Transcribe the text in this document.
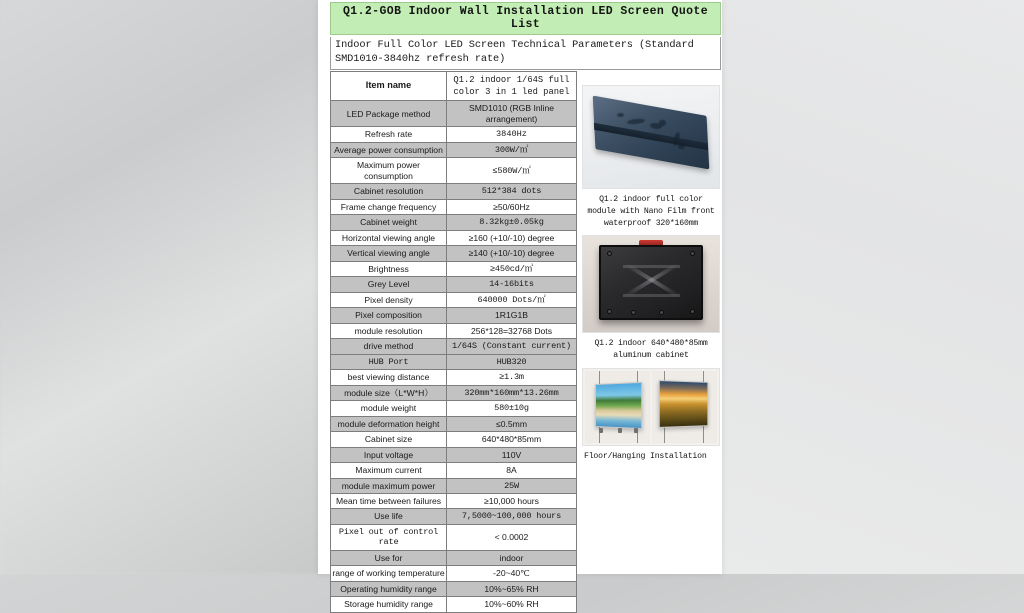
Q1.2-GOB Indoor Wall Installation LED Screen Quote List
Indoor Full Color LED Screen Technical Parameters (Standard SMD1010-3840hz refresh rate)
Item name	Q1.2 indoor 1/64S full color 3 in 1 led panel
LED Package method	SMD1010 (RGB Inline arrangement)
Refresh rate	3840Hz
Average power consumption	300W/㎡
Maximum power consumption	≤580W/㎡
Cabinet resolution	512*384 dots
Frame change frequency	≥50/60Hz
Cabinet weight	8.32kg±0.05kg
Horizontal viewing angle	≥160 (+10/-10) degree
Vertical viewing angle	≥140 (+10/-10) degree
Brightness	≥450cd/㎡
Grey Level	14-16bits
Pixel density	640000 Dots/㎡
Pixel composition	1R1G1B
module resolution	256*128=32768 Dots
drive method	1/64S (Constant current)
HUB Port	HUB320
best viewing distance	≥1.3m
module size（L*W*H）	320mm*160mm*13.26mm
module weight	580±10g
module deformation height	≤0.5mm
Cabinet size	640*480*85mm
Input voltage	110V
Maximum current	8A
module maximum power	25W
Mean time between failures	≥10,000 hours
Use life	7,5000~100,000 hours
Pixel out of control rate	< 0.0002
Use for	indoor
range of working temperature	-20~40℃
Operating humidity range	10%~65% RH
Storage humidity range	10%~60% RH
Q1.2 indoor full color module with Nano Film front waterproof 320*160mm
Q1.2 indoor 640*480*85mm aluminum cabinet
Floor/Hanging Installation
